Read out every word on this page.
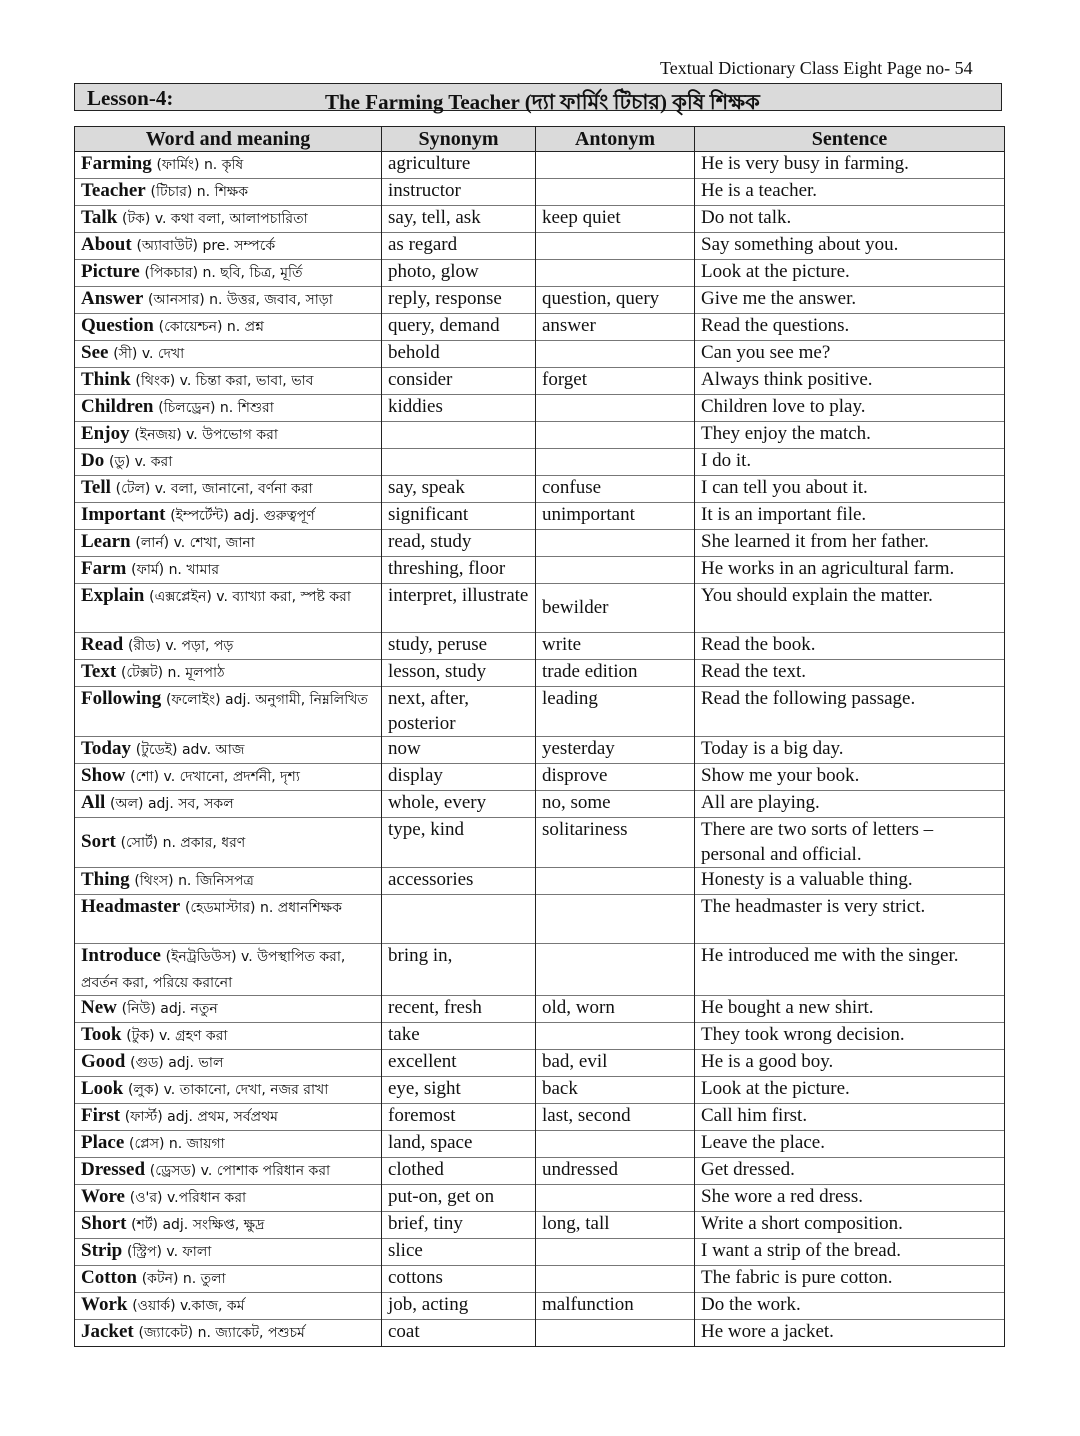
Textual Dictionary Class Eight Page no- 54
Lesson-4:	The Farming Teacher (দ্যা ফার্মিং টিচার) কৃষি শিক্ষক
Word and meaning	Synonym	Antonym	Sentence
Farming (ফার্মিং) n. কৃষি	agriculture		He is very busy in farming.
Teacher (টিচার) n. শিক্ষক	instructor		He is a teacher.
Talk (টক) v. কথা বলা, আলাপচারিতা	say, tell, ask	keep quiet	Do not talk.
About (অ্যাবাউট) pre. সম্পর্কে	as regard		Say something about you.
Picture (পিকচার) n. ছবি, চিত্র, মূর্তি	photo, glow		Look at the picture.
Answer (আনসার) n. উত্তর, জবাব, সাড়া	reply, response	question, query	Give me the answer.
Question (কোয়েশ্চন) n. প্রশ্ন	query, demand	answer	Read the questions.
See (সী) v. দেখা	behold		Can you see me?
Think (থিংক) v. চিন্তা করা, ভাবা, ভাব	consider	forget	Always think positive.
Children (চিলড্রেন) n. শিশুরা	kiddies		Children love to play.
Enjoy (ইনজয়) v. উপভোগ করা			They enjoy the match.
Do (ডু) v. করা			I do it.
Tell (টেল) v. বলা, জানানো, বর্ণনা করা	say, speak	confuse	I can tell you about it.
Important (ইম্পর্টেন্ট) adj. গুরুত্বপূর্ণ	significant	unimportant	It is an important file.
Learn (লার্ন) v. শেখা, জানা	read, study		She learned it from her father.
Farm (ফার্ম) n. খামার	threshing, floor		He works in an agricultural farm.
Explain (এক্সপ্লেইন) v. ব্যাখ্যা করা, স্পষ্ট করা	interpret, illustrate	bewilder	You should explain the matter.
Read (রীড) v. পড়া, পড়	study, peruse	write	Read the book.
Text (টেক্সট) n. মূলপাঠ	lesson, study	trade edition	Read the text.
Following (ফলোইং) adj. অনুগামী, নিম্নলিখিত	next, after, posterior	leading	Read the following passage.
Today (টুডেই) adv. আজ	now	yesterday	Today is a big day.
Show (শো) v. দেখানো, প্রদর্শনী, দৃশ্য	display	disprove	Show me your book.
All (অল) adj. সব, সকল	whole, every	no, some	All are playing.
Sort (সোর্ট) n. প্রকার, ধরণ	type, kind	solitariness	There are two sorts of letters – personal and official.
Thing (থিংস) n. জিনিসপত্র	accessories		Honesty is a valuable thing.
Headmaster (হেডমাস্টার) n. প্রধানশিক্ষক			The headmaster is very strict.
Introduce (ইনট্রডিউস) v. উপস্থাপিত করা, প্রবর্তন করা, পরিয়ে করানো	bring in,		He introduced me with the singer.
New (নিউ) adj. নতুন	recent, fresh	old, worn	He bought a new shirt.
Took (টুক) v. গ্রহণ করা	take		They took wrong decision.
Good (গুড) adj. ভাল	excellent	bad, evil	He is a good boy.
Look (লুক) v. তাকানো, দেখা, নজর রাখা	eye, sight	back	Look at the picture.
First (ফার্স্ট) adj. প্রথম, সর্বপ্রথম	foremost	last, second	Call him first.
Place (প্লেস) n. জায়গা	land, space		Leave the place.
Dressed (ড্রেসড) v. পোশাক পরিধান করা	clothed	undressed	Get dressed.
Wore (ও'র) v.পরিধান করা	put-on, get on		She wore a red dress.
Short (শর্ট) adj. সংক্ষিপ্ত, ক্ষুদ্র	brief, tiny	long, tall	Write a short composition.
Strip (স্ট্রিপ) v. ফালা	slice		I want a strip of the bread.
Cotton (কটন) n. তুলা	cottons		The fabric is pure cotton.
Work (ওয়ার্ক) v.কাজ, কর্ম	job, acting	malfunction	Do the work.
Jacket (জ্যাকেট) n. জ্যাকেট, পশুচর্ম	coat		He wore a jacket.
